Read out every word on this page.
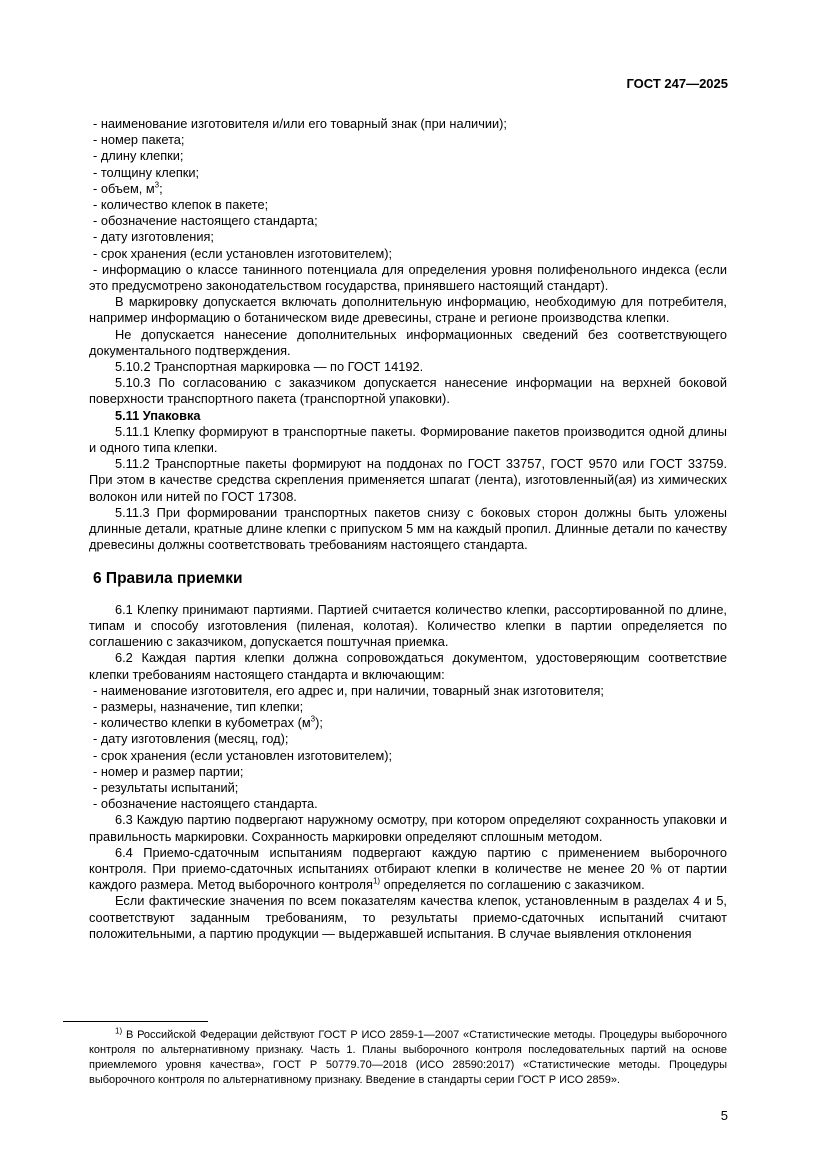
ГОСТ 247—2025

- наименование изготовителя и/или его товарный знак (при наличии);

- номер пакета;

- длину клепки;

- толщину клепки;

- объем, $м^3$;

- количество клепок в пакете;

- обозначение настоящего стандарта;

- дату изготовления;

- срок хранения (если установлен изготовителем);

- информацию о классе танинного потенциала для определения уровня полифенольного индекса (если это предусмотрено законодательством государства, принявшего настоящий стандарт).

В маркировку допускается включать дополнительную информацию, необходимую для потребителя, например информацию о ботаническом виде древесины, стране и регионе производства клепки.

Не допускается нанесение дополнительных информационных сведений без соответствующего документального подтверждения.

5.10.2 Транспортная маркировка — по ГОСТ 14192.

5.10.3 По согласованию с заказчиком допускается нанесение информации на верхней боковой поверхности транспортного пакета (транспортной упаковки).

5.11 Упаковка

5.11.1 Клепку формируют в транспортные пакеты. Формирование пакетов производится одной длины и одного типа клепки.

5.11.2 Транспортные пакеты формируют на поддонах по ГОСТ 33757, ГОСТ 9570 или ГОСТ 33759. При этом в качестве средства скрепления применяется шпагат (лента), изготовленный(ая) из химических волокон или нитей по ГОСТ 17308.

5.11.3 При формировании транспортных пакетов снизу с боковых сторон должны быть уложены длинные детали, кратные длине клепки с припуском 5 мм на каждый пропил. Длинные детали по качеству древесины должны соответствовать требованиям настоящего стандарта.

6 Правила приемки

6.1 Клепку принимают партиями. Партией считается количество клепки, рассортированной по длине, типам и способу изготовления (пиленая, колотая). Количество клепки в партии определяется по соглашению с заказчиком, допускается поштучная приемка.

6.2 Каждая партия клепки должна сопровождаться документом, удостоверяющим соответствие клепки требованиям настоящего стандарта и включающим:

- наименование изготовителя, его адрес и, при наличии, товарный знак изготовителя;

- размеры, назначение, тип клепки;

- количество клепки в кубометрах $(м^3)$;

- дату изготовления (месяц, год);

- срок хранения (если установлен изготовителем);

- номер и размер партии;

- результаты испытаний;

- обозначение настоящего стандарта.

6.3 Каждую партию подвергают наружному осмотру, при котором определяют сохранность упаковки и правильность маркировки. Сохранность маркировки определяют сплошным методом.

6.4 Приемо-сдаточным испытаниям подвергают каждую партию с применением выборочного контроля. При приемо-сдаточных испытаниях отбирают клепки в количестве не менее 20 % от партии каждого размера. Метод выборочного контроля$^{1)}$ определяется по соглашению с заказчиком.

Если фактические значения по всем показателям качества клепок, установленным в разделах 4 и 5, соответствуют заданным требованиям, то результаты приемо-сдаточных испытаний считают положительными, а партию продукции — выдержавшей испытания. В случае выявления отклонения

$^{1)}$ В Российской Федерации действуют ГОСТ Р ИСО 2859-1—2007 «Статистические методы. Процедуры выборочного контроля по альтернативному признаку. Часть 1. Планы выборочного контроля последовательных партий на основе приемлемого уровня качества», ГОСТ Р 50779.70—2018 (ИСО 28590:2017) «Статистические методы. Процедуры выборочного контроля по альтернативному признаку. Введение в стандарты серии ГОСТ Р ИСО 2859».
5
